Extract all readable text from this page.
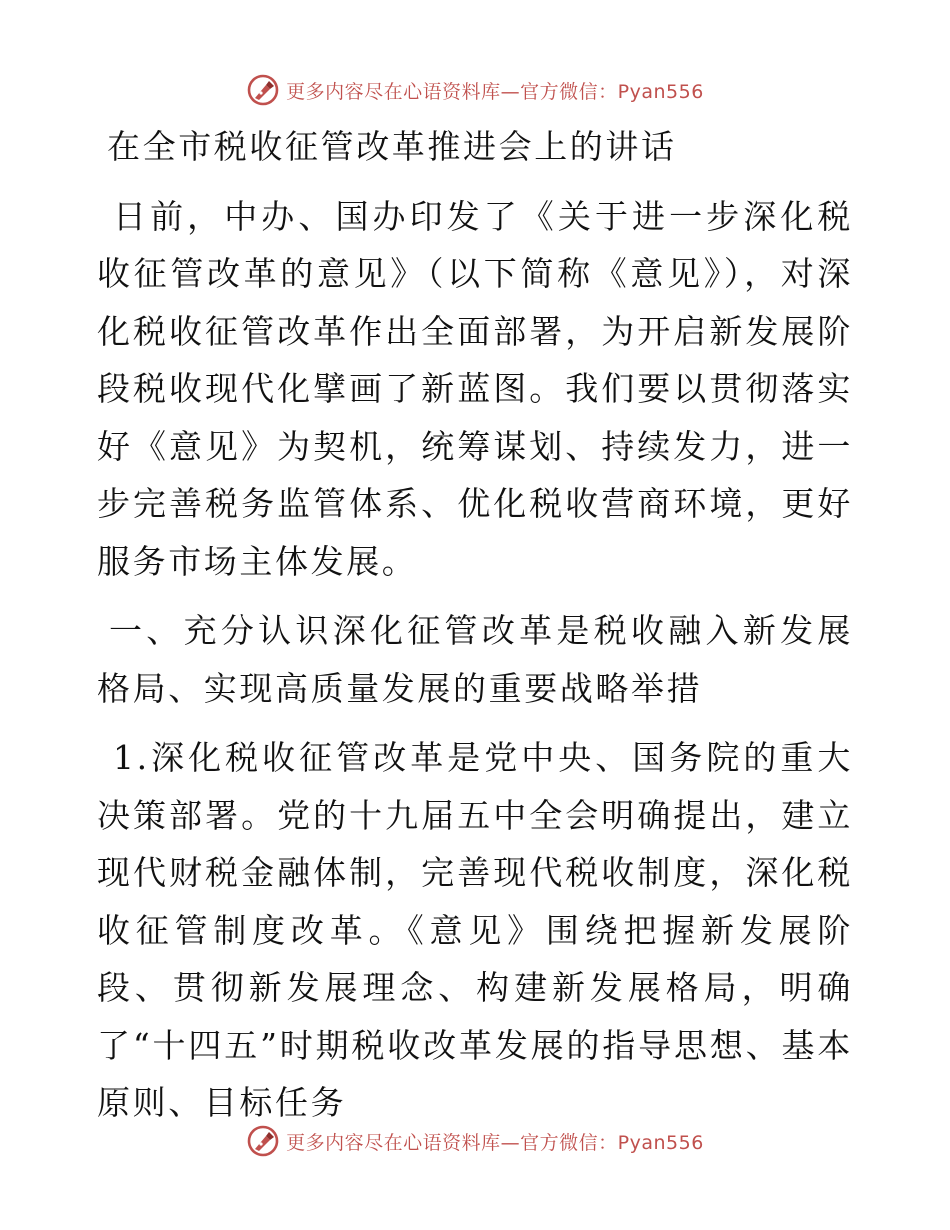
更多内容尽在心语资料库—官方微信：Pyan556

在全市税收征管改革推进会上的讲话

日前，中办、国办印发了《关于进一步深化税收征管改革的意见》（以下简称《意见》），对深化税收征管改革作出全面部署，为开启新发展阶段税收现代化擘画了新蓝图。我们要以贯彻落实好《意见》为契机，统筹谋划、持续发力，进一步完善税务监管体系、优化税收营商环境，更好服务市场主体发展。

一、充分认识深化征管改革是税收融入新发展格局、实现高质量发展的重要战略举措

1.深化税收征管改革是党中央、国务院的重大决策部署。党的十九届五中全会明确提出，建立现代财税金融体制，完善现代税收制度，深化税收征管制度改革。《意见》围绕把握新发展阶段、贯彻新发展理念、构建新发展格局，明确了“十四五”时期税收改革发展的指导思想、基本原则、目标任务

更多内容尽在心语资料库—官方微信：Pyan556
